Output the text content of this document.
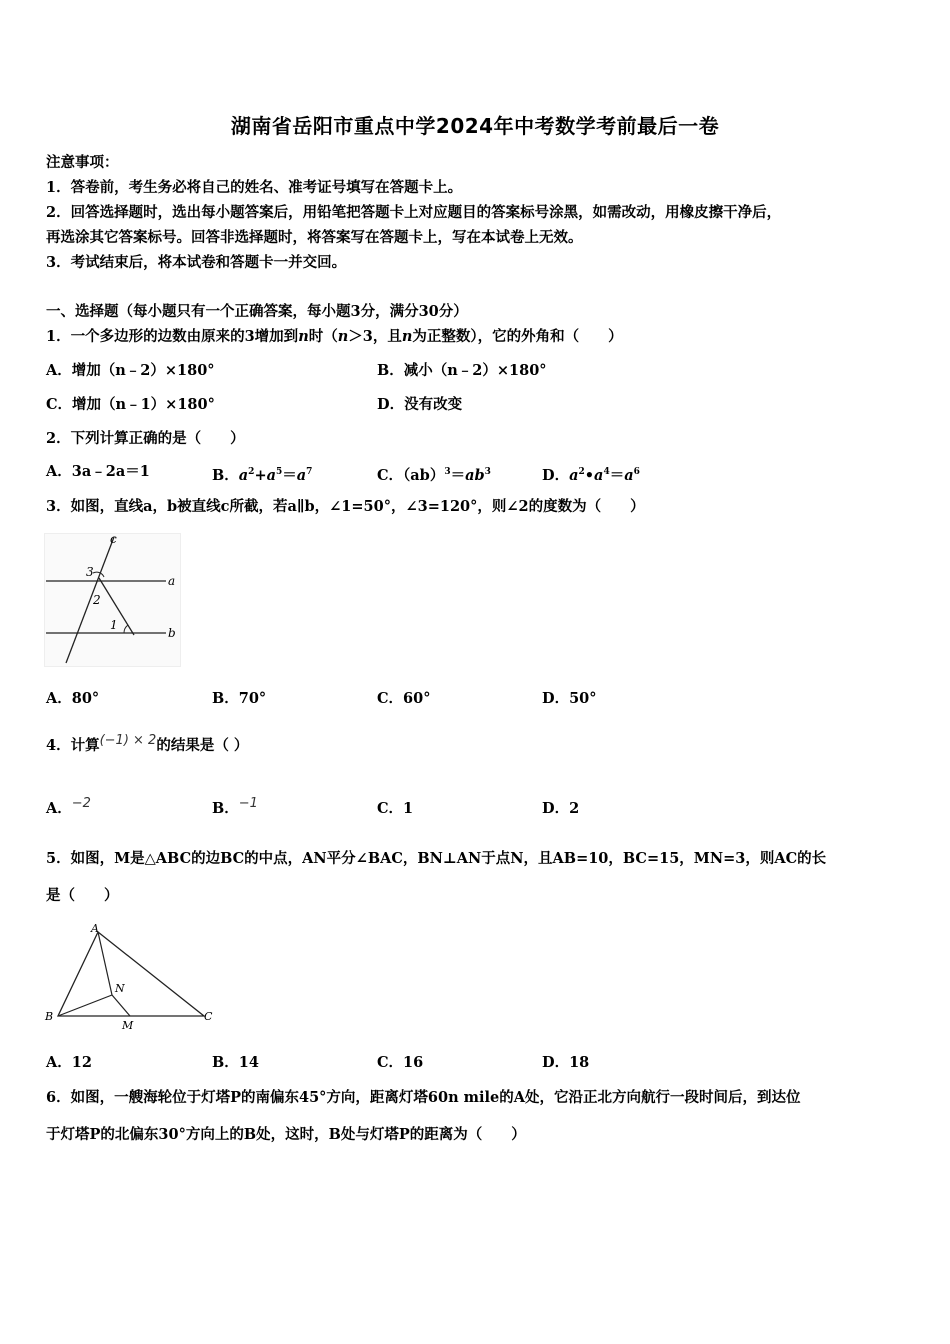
湖南省岳阳市重点中学2024年中考数学考前最后一卷
注意事项：
1．答卷前，考生务必将自己的姓名、准考证号填写在答题卡上。
2．回答选择题时，选出每小题答案后，用铅笔把答题卡上对应题目的答案标号涂黑，如需改动，用橡皮擦干净后，
再选涂其它答案标号。回答非选择题时，将答案写在答题卡上，写在本试卷上无效。
3．考试结束后，将本试卷和答题卡一并交回。
一、选择题（每小题只有一个正确答案，每小题3分，满分30分）
1．一个多边形的边数由原来的3增加到n时（n＞3，且n为正整数），它的外角和（　　）
A．增加（n﹣2）×180°	B．减小（n﹣2）×180°
C．增加（n﹣1）×180°	D．没有改变
2．下列计算正确的是（　　）
A．3a﹣2a＝1	B．$a^2+a^5=a^7$	C．$(ab)^3=ab^3$	D．$a^2•a^4=a^6$
3．如图，直线a，b被直线c所截，若a∥b，∠1=50°，∠3=120°，则∠2的度数为（　　）
c
a
b
3
2
1
A．80°	B．70°	C．60°	D．50°
4．计算(−1) × 2的结果是（ ）
A．−2	B．−1	C．1	D．2
5．如图，M是△ABC的边BC的中点，AN平分∠BAC，BN⊥AN于点N，且AB=10，BC=15，MN=3，则AC的长
是（　　）
A
B	C
M
N
A．12	B．14	C．16	D．18
6．如图，一艘海轮位于灯塔P的南偏东45°方向，距离灯塔60n mile的A处，它沿正北方向航行一段时间后，到达位
于灯塔P的北偏东30°方向上的B处，这时，B处与灯塔P的距离为（　　）
